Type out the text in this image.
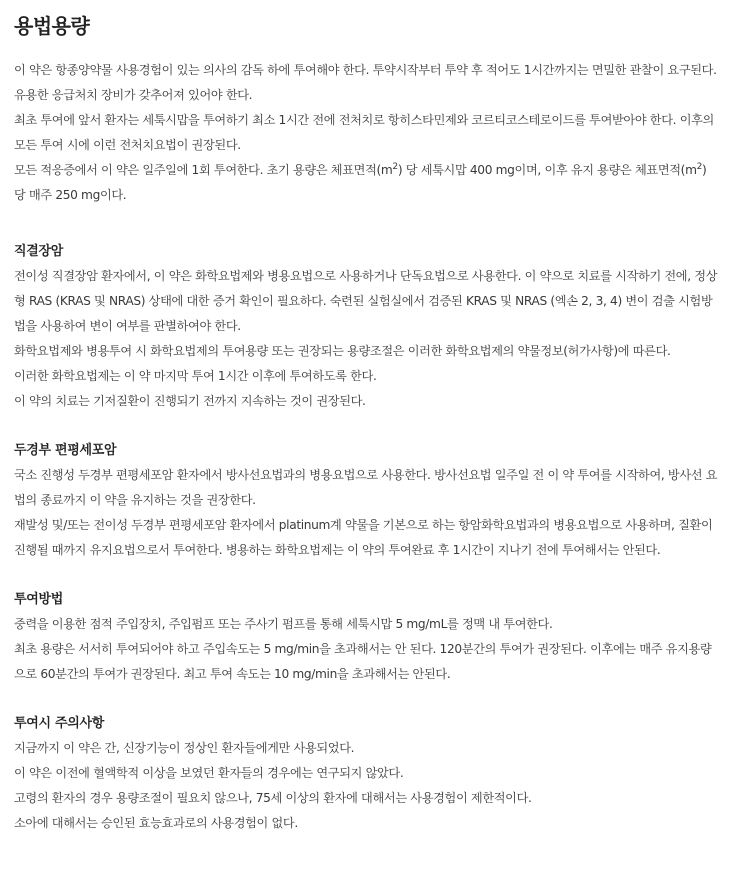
용법용량

이 약은 항종양약물 사용경험이 있는 의사의 감독 하에 투여해야 한다. 투약시작부터 투약 후 적어도 1시간까지는 면밀한 관찰이 요구된다. 유용한 응급처치 장비가 갖추어져 있어야 한다.

최초 투여에 앞서 환자는 세툭시맙을 투여하기 최소 1시간 전에 전처치로 항히스타민제와 코르티코스테로이드를 투여받아야 한다. 이후의 모든 투여 시에 이런 전처치요법이 권장된다.

모든 적응증에서 이 약은 일주일에 1회 투여한다. 초기 용량은 체표면적$(m^2)$ 당 세툭시맙 400 mg이며, 이후 유지 용량은 체표면적$(m^2)$ 당 매주 250 mg이다.

직결장암

전이성 직결장암 환자에서, 이 약은 화학요법제와 병용요법으로 사용하거나 단독요법으로 사용한다. 이 약으로 치료를 시작하기 전에, 정상형 RAS (KRAS 및 NRAS) 상태에 대한 증거 확인이 필요하다. 숙련된 실험실에서 검증된 KRAS 및 NRAS (엑손 2, 3, 4) 변이 검출 시험방법을 사용하여 변이 여부를 판별하여야 한다.

화학요법제와 병용투여 시 화학요법제의 투여용량 또는 권장되는 용량조절은 이러한 화학요법제의 약물정보(허가사항)에 따른다.

이러한 화학요법제는 이 약 마지막 투여 1시간 이후에 투여하도록 한다.

이 약의 치료는 기저질환이 진행되기 전까지 지속하는 것이 권장된다.

두경부 편평세포암

국소 진행성 두경부 편평세포암 환자에서 방사선요법과의 병용요법으로 사용한다. 방사선요법 일주일 전 이 약 투여를 시작하여, 방사선 요법의 종료까지 이 약을 유지하는 것을 권장한다.

재발성 및/또는 전이성 두경부 편평세포암 환자에서 platinum계 약물을 기본으로 하는 항암화학요법과의 병용요법으로 사용하며, 질환이 진행될 때까지 유지요법으로서 투여한다. 병용하는 화학요법제는 이 약의 투여완료 후 1시간이 지나기 전에 투여해서는 안된다.

투여방법

중력을 이용한 점적 주입장치, 주입펌프 또는 주사기 펌프를 통해 세툭시맙 5 mg/mL를 정맥 내 투여한다.

최초 용량은 서서히 투여되어야 하고 주입속도는 5 mg/min을 초과해서는 안 된다. 120분간의 투여가 권장된다. 이후에는 매주 유지용량으로 60분간의 투여가 권장된다. 최고 투여 속도는 10 mg/min을 초과해서는 안된다.

투여시 주의사항

지금까지 이 약은 간, 신장기능이 정상인 환자들에게만 사용되었다.

이 약은 이전에 혈액학적 이상을 보였던 환자들의 경우에는 연구되지 않았다.

고령의 환자의 경우 용량조절이 필요치 않으나, 75세 이상의 환자에 대해서는 사용경험이 제한적이다.

소아에 대해서는 승인된 효능효과로의 사용경험이 없다.
